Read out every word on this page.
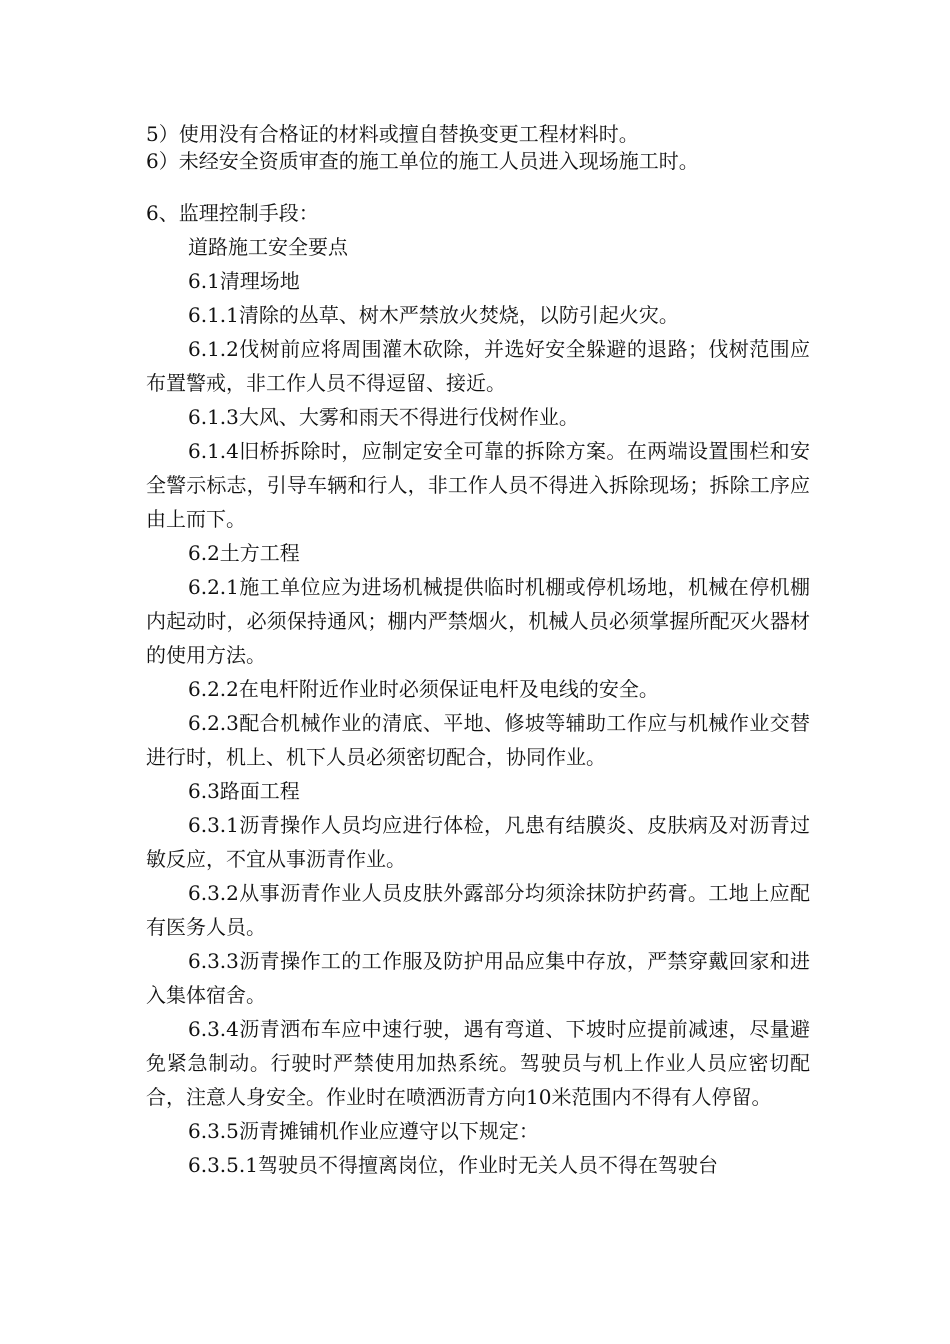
5）使用没有合格证的材料或擅自替换变更工程材料时。

6）未经安全资质审查的施工单位的施工人员进入现场施工时。

6、监理控制手段：

道路施工安全要点

6.1清理场地

6.1.1清除的丛草、树木严禁放火焚烧，以防引起火灾。

6.1.2伐树前应将周围灌木砍除，并选好安全躲避的退路；伐树范围应布置警戒，非工作人员不得逗留、接近。

6.1.3大风、大雾和雨天不得进行伐树作业。

6.1.4旧桥拆除时，应制定安全可靠的拆除方案。在两端设置围栏和安全警示标志，引导车辆和行人，非工作人员不得进入拆除现场；拆除工序应由上而下。

6.2土方工程

6.2.1施工单位应为进场机械提供临时机棚或停机场地，机械在停机棚内起动时，必须保持通风；棚内严禁烟火，机械人员必须掌握所配灭火器材的使用方法。

6.2.2在电杆附近作业时必须保证电杆及电线的安全。

6.2.3配合机械作业的清底、平地、修坡等辅助工作应与机械作业交替进行时，机上、机下人员必须密切配合，协同作业。

6.3路面工程

6.3.1沥青操作人员均应进行体检，凡患有结膜炎、皮肤病及对沥青过敏反应，不宜从事沥青作业。

6.3.2从事沥青作业人员皮肤外露部分均须涂抹防护药膏。工地上应配有医务人员。

6.3.3沥青操作工的工作服及防护用品应集中存放，严禁穿戴回家和进入集体宿舍。

6.3.4沥青洒布车应中速行驶，遇有弯道、下坡时应提前减速，尽量避免紧急制动。行驶时严禁使用加热系统。驾驶员与机上作业人员应密切配合，注意人身安全。作业时在喷洒沥青方向10米范围内不得有人停留。

6.3.5沥青摊铺机作业应遵守以下规定：

6.3.5.1驾驶员不得擅离岗位，作业时无关人员不得在驾驶台
